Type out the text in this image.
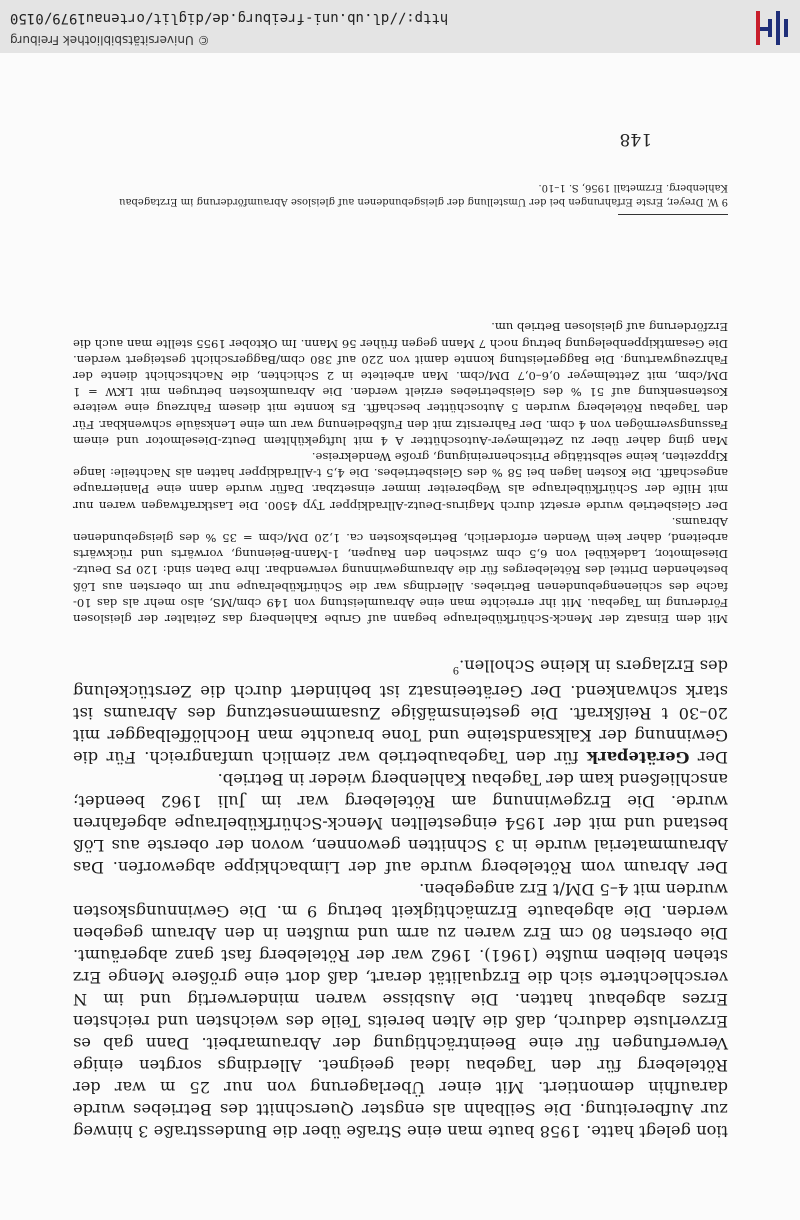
tion gelegt hatte. 1958 baute man eine Straße über die Bundesstraße 3 hinweg zur Aufbereitung. Die Seilbahn als engster Querschnitt des Betriebes wurde daraufhin demontiert. Mit einer Überlagerung von nur 25 m war der Röteleberg für den Tagebau ideal geeignet. Allerdings sorgten einige Verwerfungen für eine Beeinträchtigung der Abraumarbeit. Dann gab es Erzverluste dadurch, daß die Alten bereits Teile des weichsten und reichsten Erzes abgebaut hatten. Die Ausbisse waren minderwertig und im N verschlechterte sich die Erzqualität derart, daß dort eine größere Menge Erz stehen bleiben mußte (1961). 1962 war der Röteleberg fast ganz abgeräumt. Die obersten 80 cm Erz waren zu arm und mußten in den Abraum gegeben werden. Die abgebaute Erzmächtigkeit betrug 9 m. Die Gewinnungskosten wurden mit 4–5 DM/t Erz angegeben.

Der Abraum vom Röteleberg wurde auf der Limbachkippe abgeworfen. Das Abraummaterial wurde in 3 Schnitten gewonnen, wovon der oberste aus Löß bestand und mit der 1954 eingestellten Menck-Schürfkübelraupe abgefahren wurde. Die Erzgewinnung am Röteleberg war im Juli 1962 beendet; anschließend kam der Tagebau Kahlenberg wieder in Betrieb.

Der Gerätepark für den Tagebaubetrieb war ziemlich umfangreich. Für die Gewinnung der Kalksandsteine und Tone brauchte man Hochlöffelbagger mit 20–30 t Reißkraft. Die gesteinsmäßige Zusammensetzung des Abraums ist stark schwankend. Der Geräteeinsatz ist behindert durch die Zerstückelung des Erzlagers in kleine Schollen.$^9$

Mit dem Einsatz der Menck-Schürfkübelraupe begann auf Grube Kahlenberg das Zeitalter der gleislosen Förderung im Tagebau. Mit ihr erreichte man eine Abraumleistung von 149 cbm/MS, also mehr als das 10-fache des schienengebundenen Betriebes. Allerdings war die Schürfkübelraupe nur im obersten aus Löß bestehenden Drittel des Röteleberges für die Abraumgewinnung verwendbar. Ihre Daten sind: 120 PS Deutz-Dieselmotor, Ladekübel von 6,5 cbm zwischen den Raupen, 1-Mann-Beienung, vorwärts und rückwärts arbeitend, daher kein Wenden erforderlich, Betriebskosten ca. 1,20 DM/cbm = 35 % des gleisgebundenen Abraums.

Der Gleisbetrieb wurde ersetzt durch Magirus-Deutz-Allradkipper Typ 4500. Die Lastkraftwagen waren nur mit Hilfe der Schürfkübelraupe als Wegbereiter immer einsetzbar. Dafür wurde dann eine Planierraupe angeschafft. Die Kosten lagen bei 58 % des Gleisbetriebes. Die 4,5 t-Allradkipper hatten als Nachteile: lange Kippzeiten, keine selbsttätige Pritschenreinigung, große Wendekreise.

Man ging daher über zu Zettelmeyer-Autoschütter A 4 mit luftgekühltem Deutz-Dieselmotor und einem Fassungsvermögen von 4 cbm. Der Fahrersitz mit den Fußbedienung war um eine Lenksäule schwenkbar. Für den Tagebau Röteleberg wurden 5 Autoschütter beschafft. Es konnte mit diesem Fahrzeug eine weitere Kostensenkung auf 51 % des Gleisbetriebes erzielt werden. Die Abraumkosten betrugen mit LKW = 1 DM/cbm, mit Zettelmeyer 0,6–0,7 DM/cbm. Man arbeitete in 2 Schichten, die Nachtschicht diente der Fahrzeugwartung. Die Baggerleistung konnte damit von 220 auf 380 cbm/Baggerschicht gesteigert werden. Die Gesamtkippenbelegung betrug noch 7 Mann gegen früher 56 Mann. Im Oktober 1955 stellte man auch die Erzförderung auf gleislosen Betrieb um.

9 W. Dreyer, Erste Erfahrungen bei der Umstellung der gleisgebundenen auf gleislose Abraumförderung im Erztagebau Kahlenberg. Erzmetall 1956, S. 1–10.
148
© Universitätsbibliothek Freiburg
http://dl.ub.uni-freiburg.de/diglit/ortenau1979/0150
